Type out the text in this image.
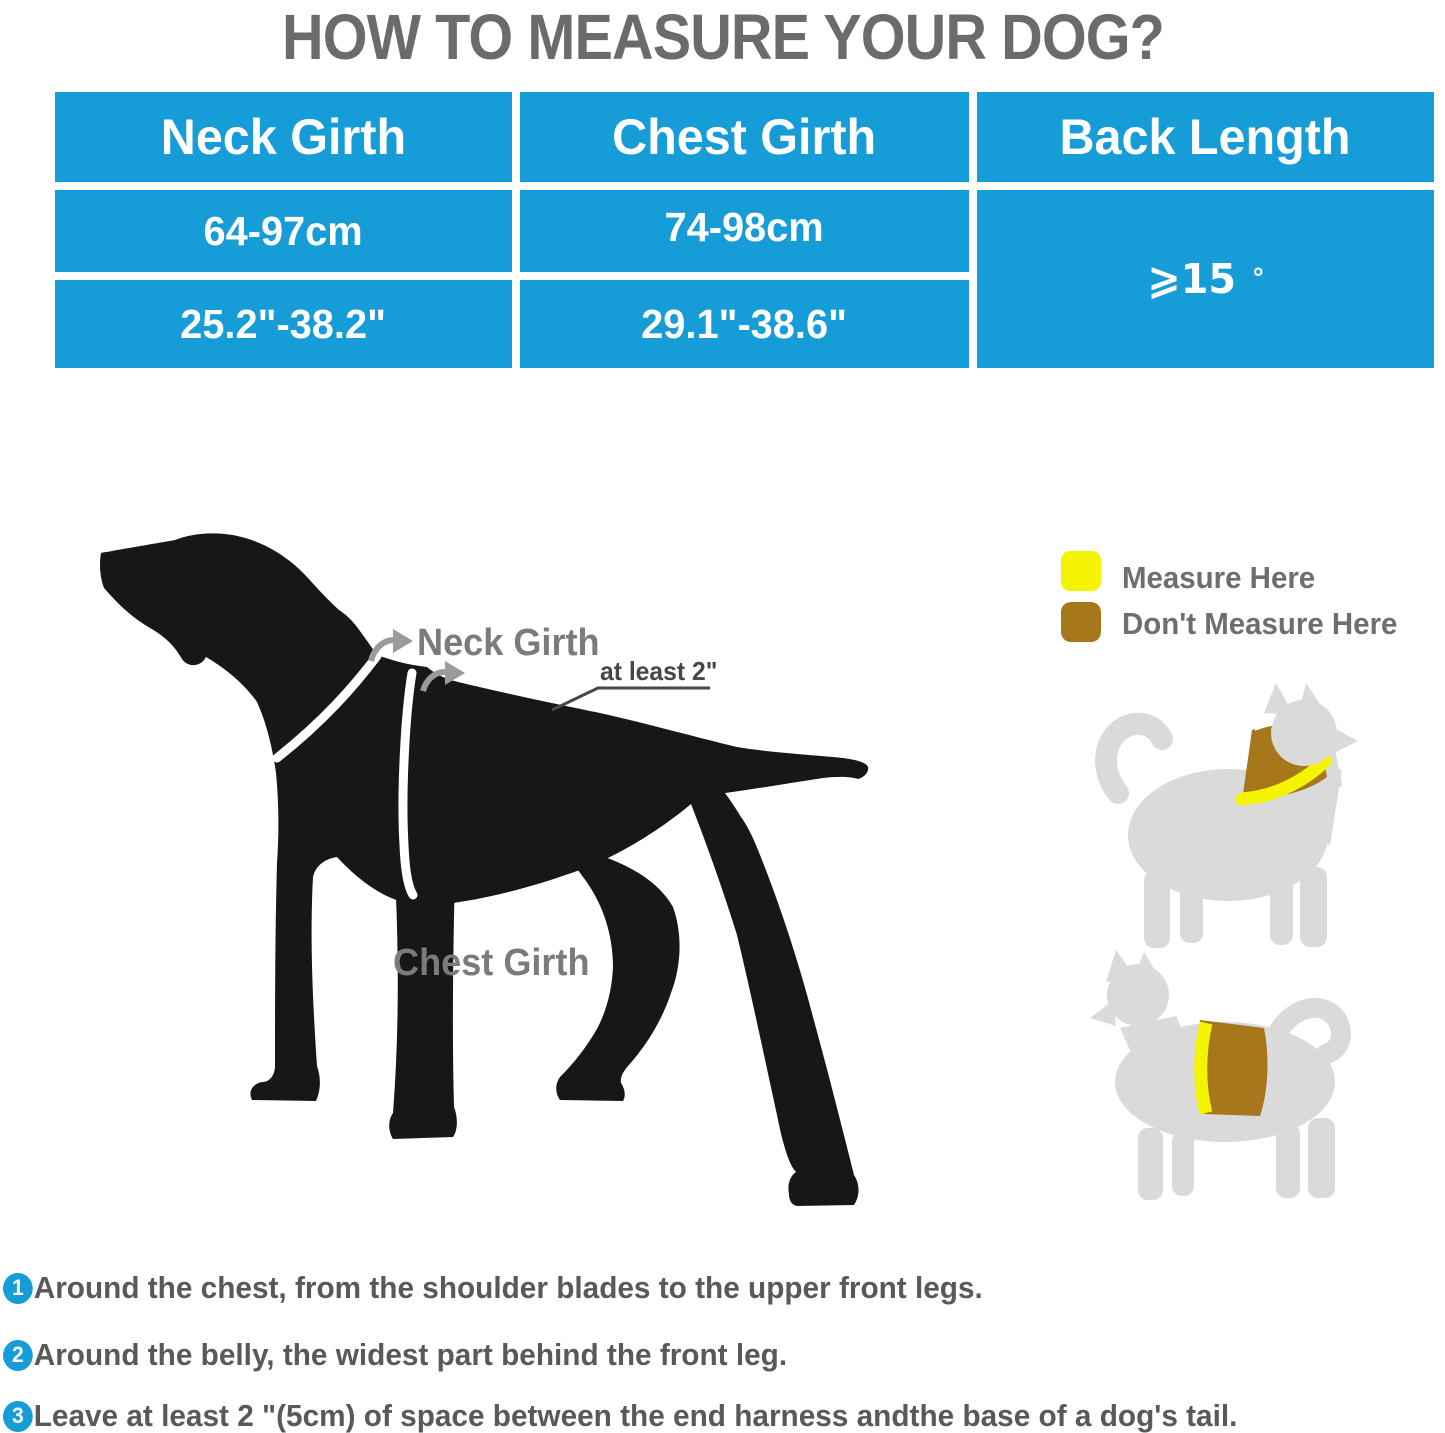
HOW TO MEASURE YOUR DOG?
Neck Girth	Chest Girth	Back Length
64-97cm	74-98cm
25.2"-38.2"	29.1"-38.6"
⩾15 °
Neck Girth
Chest Girth
at least 2"
Measure Here
Don't Measure Here
1 Around the chest, from the shoulder blades to the upper front legs.
2 Around the belly, the widest part behind the front leg.
3 Leave at least 2 "(5cm) of space between the end harness andthe base of a dog's tail.
